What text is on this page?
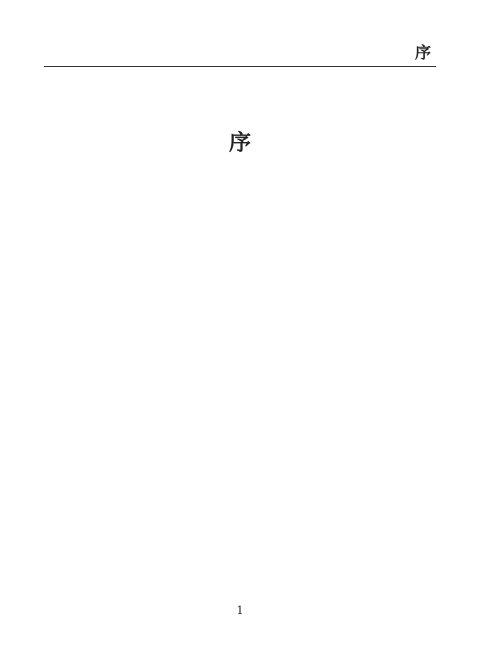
序
序

1
